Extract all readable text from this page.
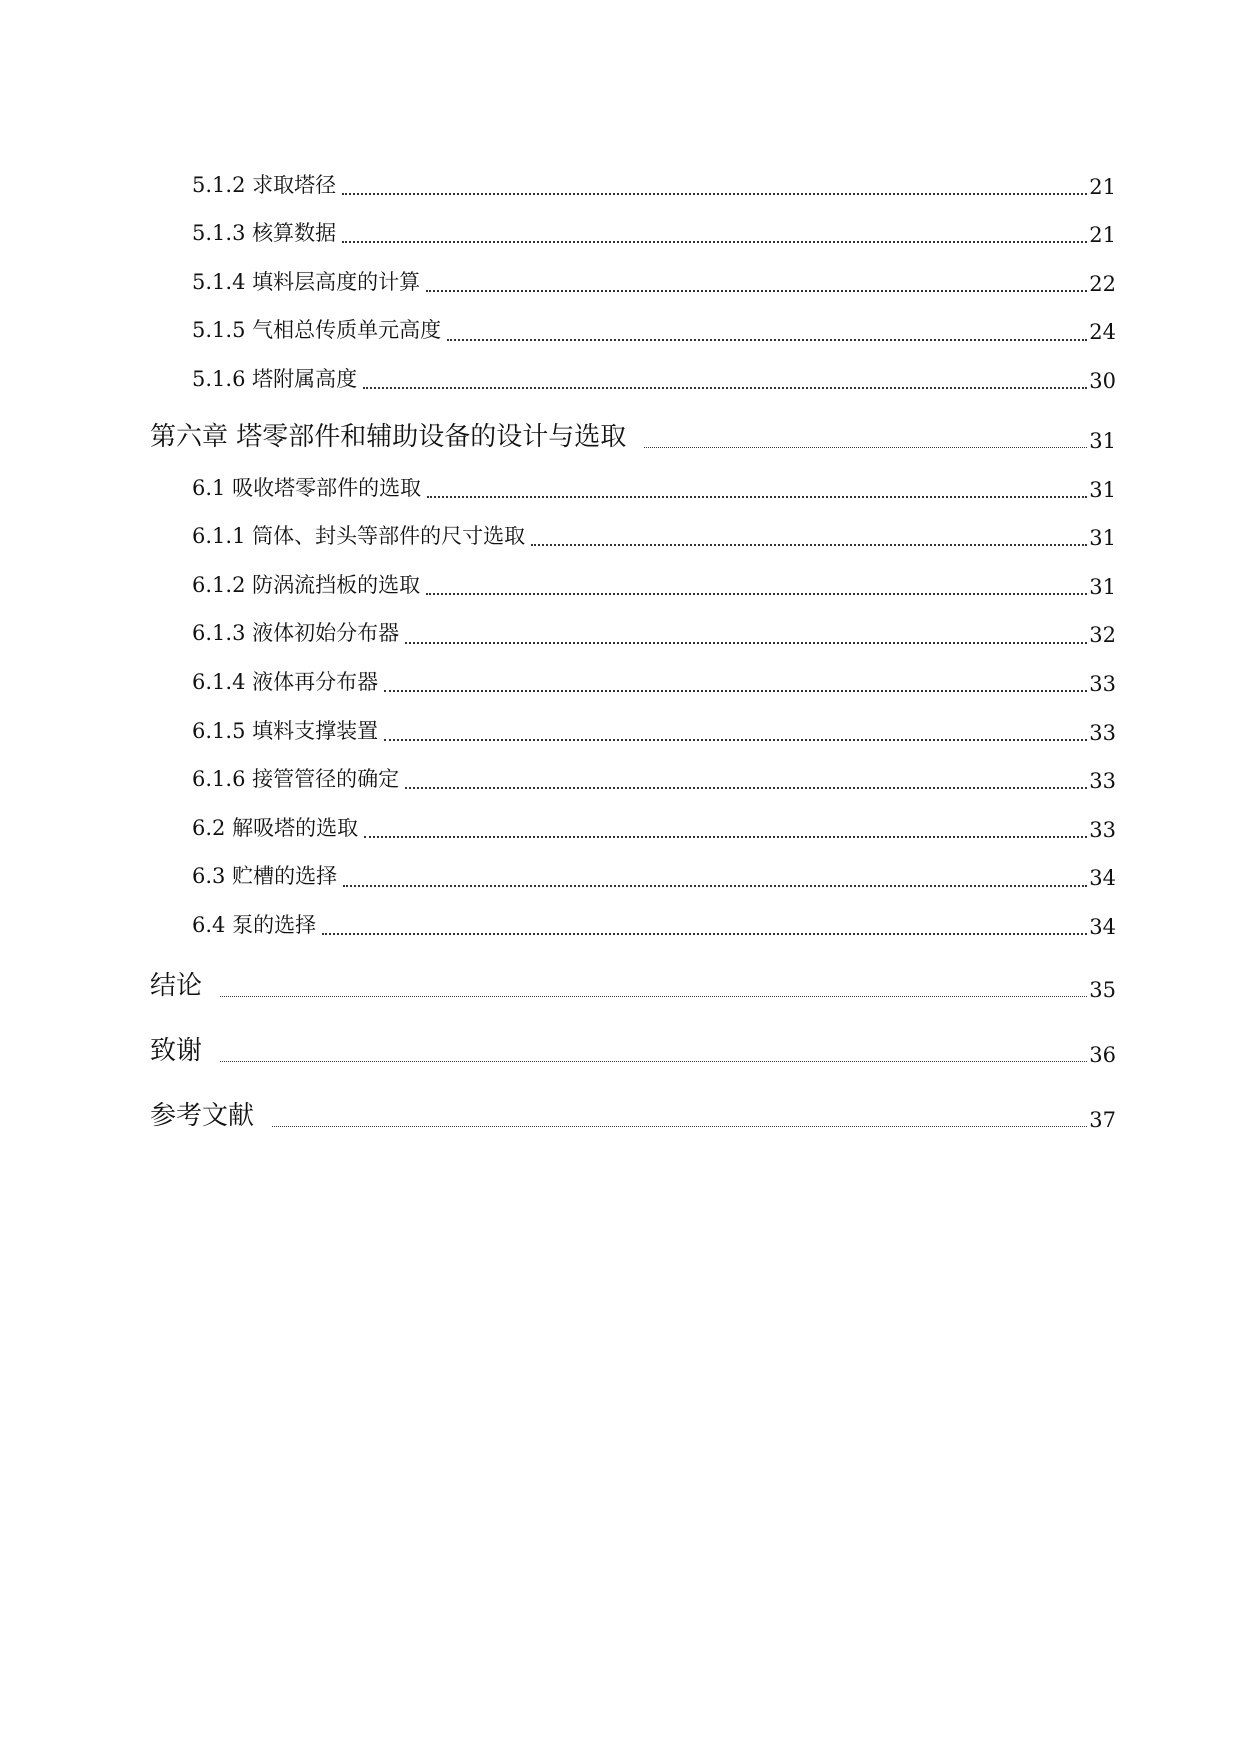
5.1.2 求取塔径	21
5.1.3 核算数据	21
5.1.4 填料层高度的计算	22
5.1.5 气相总传质单元高度	24
5.1.6 塔附属高度	30
第六章 塔零部件和辅助设备的设计与选取	31
6.1 吸收塔零部件的选取	31
6.1.1 筒体、封头等部件的尺寸选取	31
6.1.2 防涡流挡板的选取	31
6.1.3 液体初始分布器	32
6.1.4 液体再分布器	33
6.1.5 填料支撑装置	33
6.1.6 接管管径的确定	33
6.2 解吸塔的选取	33
6.3 贮槽的选择	34
6.4 泵的选择	34
结论	35
致谢	36
参考文献	37
